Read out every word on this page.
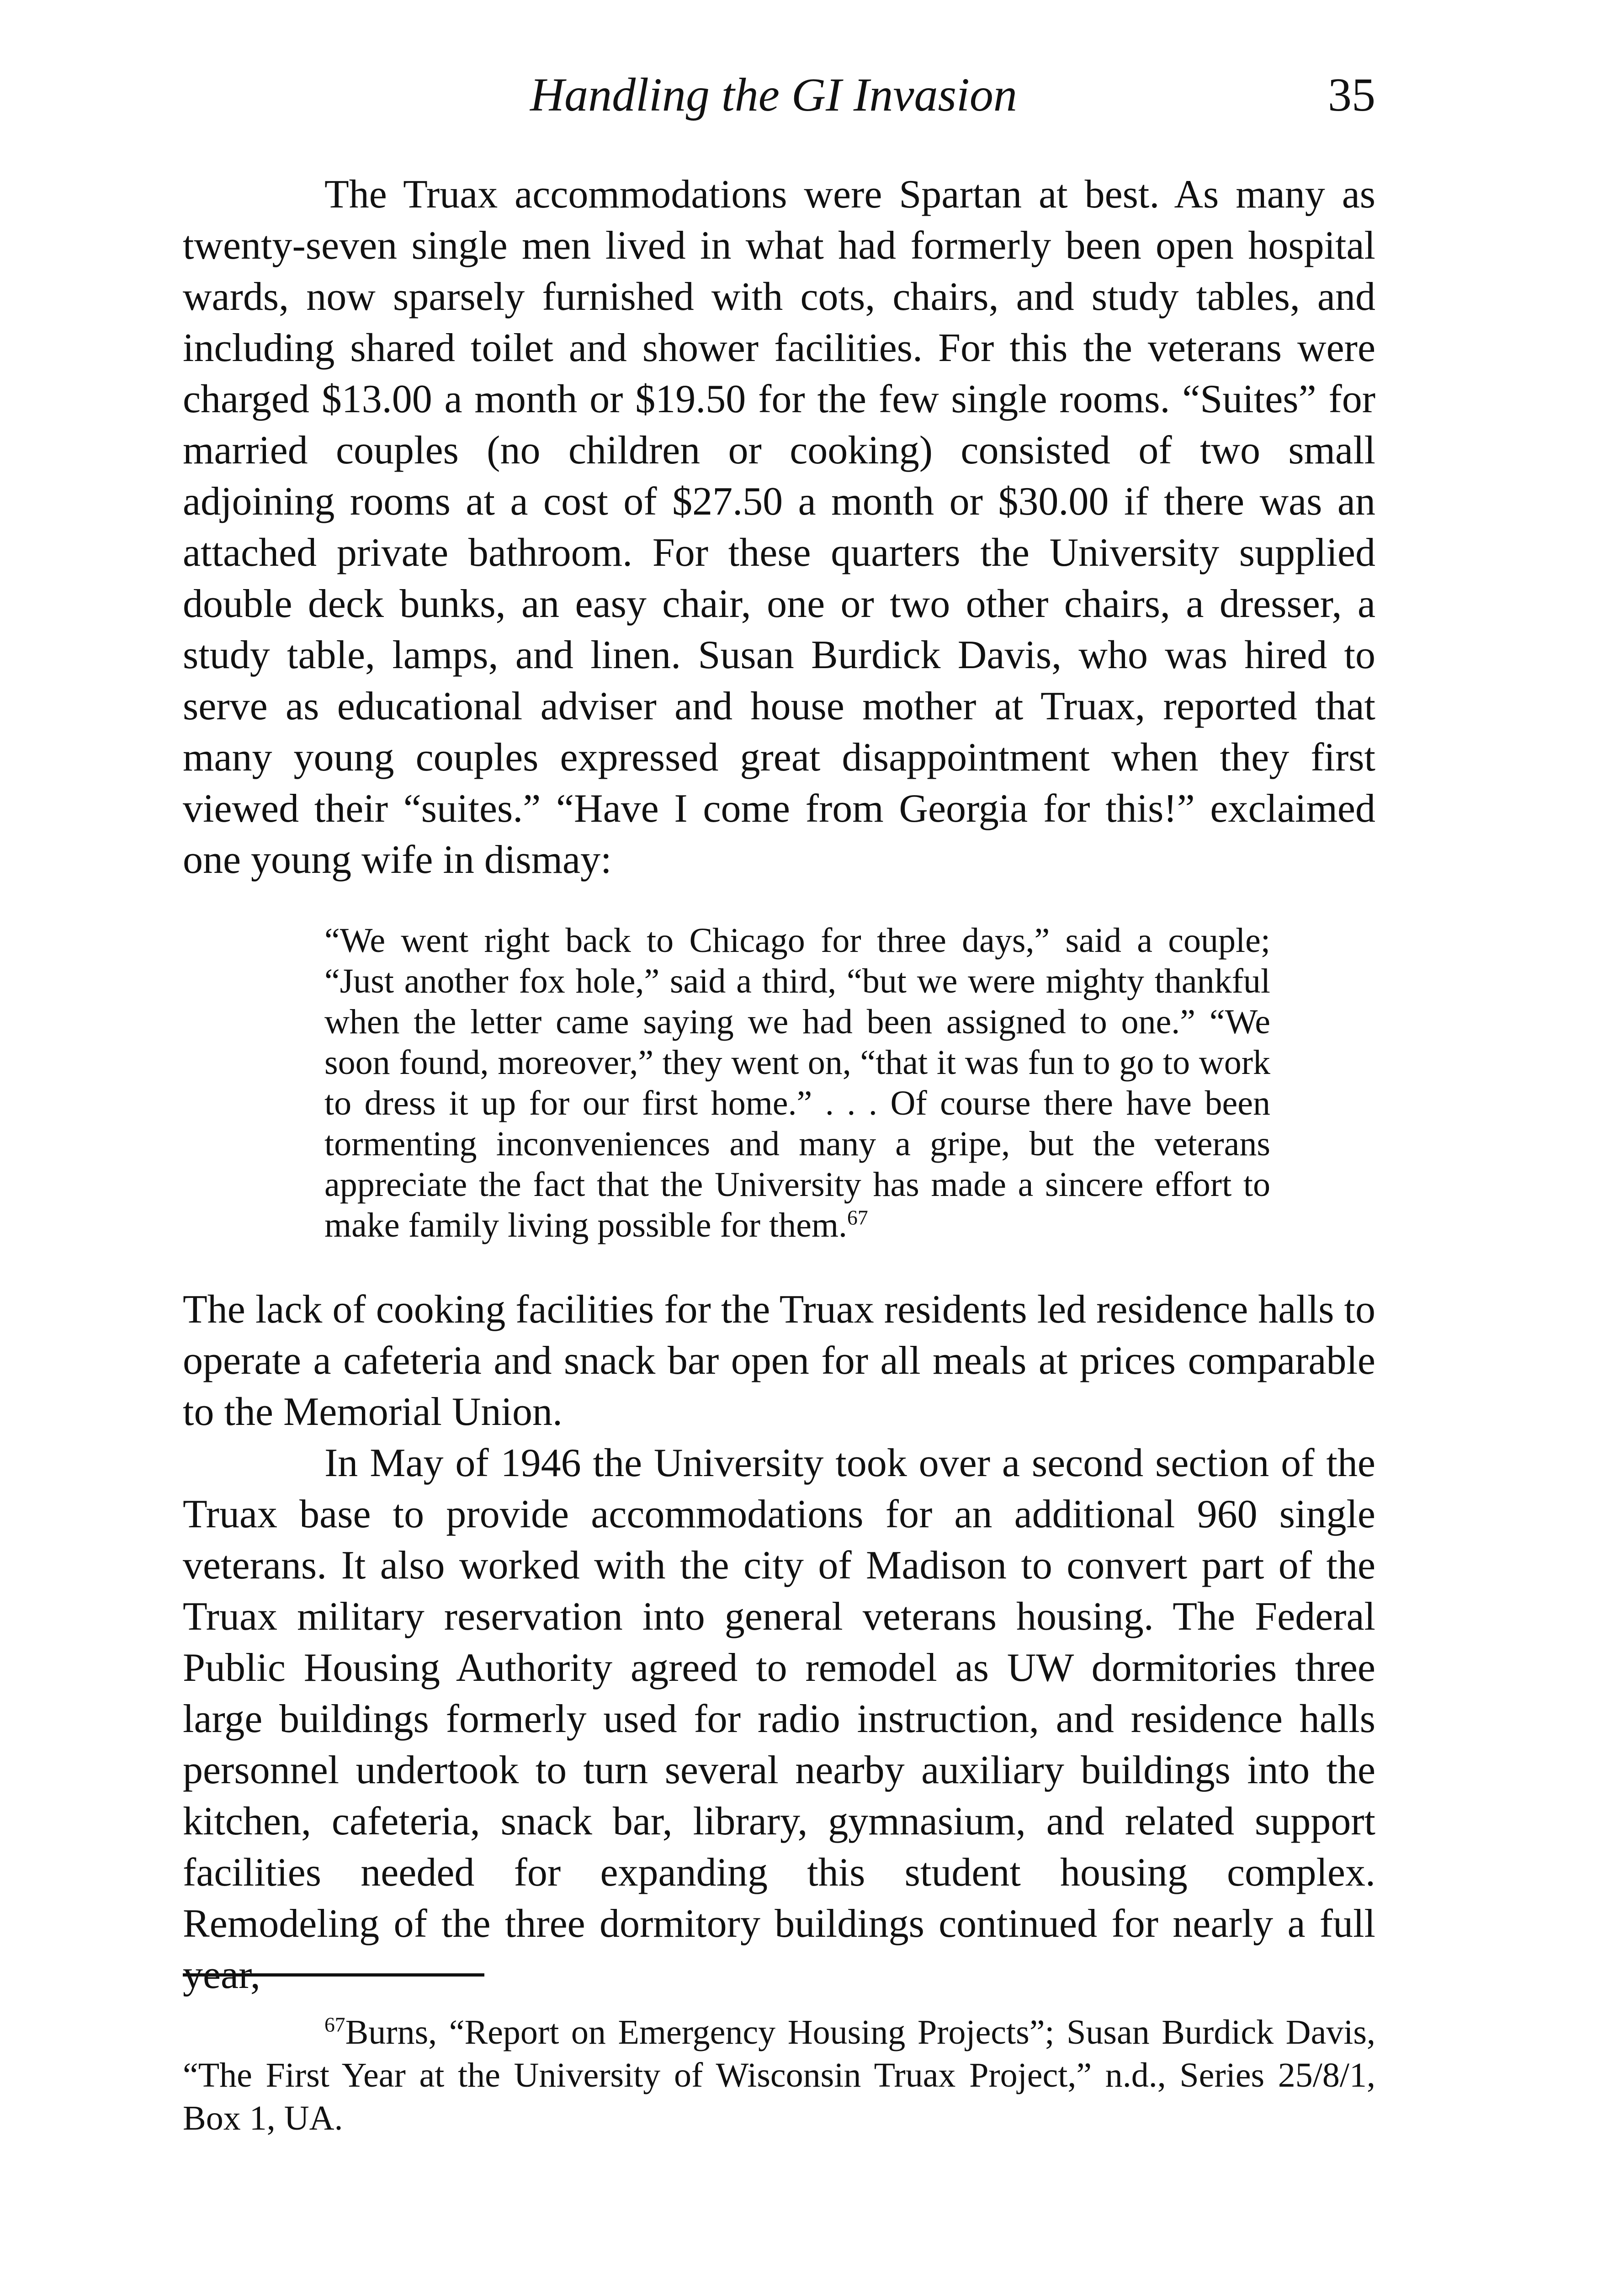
Handling the GI Invasion	35

The Truax accommodations were Spartan at best. As many as twenty-seven single men lived in what had formerly been open hospital wards, now sparsely furnished with cots, chairs, and study tables, and including shared toilet and shower facilities. For this the veterans were charged $13.00 a month or $19.50 for the few single rooms. “Suites” for married couples (no children or cooking) consisted of two small adjoining rooms at a cost of $27.50 a month or $30.00 if there was an attached private bathroom. For these quarters the University supplied double deck bunks, an easy chair, one or two other chairs, a dresser, a study table, lamps, and linen. Susan Burdick Davis, who was hired to serve as educational adviser and house mother at Truax, reported that many young couples expressed great disappointment when they first viewed their “suites.” “Have I come from Georgia for this!” exclaimed one young wife in dismay:

“We went right back to Chicago for three days,” said a couple; “Just another fox hole,” said a third, “but we were mighty thankful when the letter came saying we had been assigned to one.” “We soon found, moreover,” they went on, “that it was fun to go to work to dress it up for our first home.” . . . Of course there have been tormenting inconveniences and many a gripe, but the veterans appreciate the fact that the University has made a sincere effort to make family living possible for them.$^{67}$

The lack of cooking facilities for the Truax residents led residence halls to operate a cafeteria and snack bar open for all meals at prices comparable to the Memorial Union.

In May of 1946 the University took over a second section of the Truax base to provide accommodations for an additional 960 single veterans. It also worked with the city of Madison to convert part of the Truax military reservation into general veterans housing. The Federal Public Housing Authority agreed to remodel as UW dormitories three large buildings formerly used for radio instruction, and residence halls personnel undertook to turn several nearby auxiliary buildings into the kitchen, cafeteria, snack bar, library, gymnasium, and related support facilities needed for expanding this student housing complex. Remodeling of the three dormitory buildings continued for nearly a full year,

$^{67}$Burns, “Report on Emergency Housing Projects”; Susan Burdick Davis, “The First Year at the University of Wisconsin Truax Project,” n.d., Series 25/8/1, Box 1, UA.
